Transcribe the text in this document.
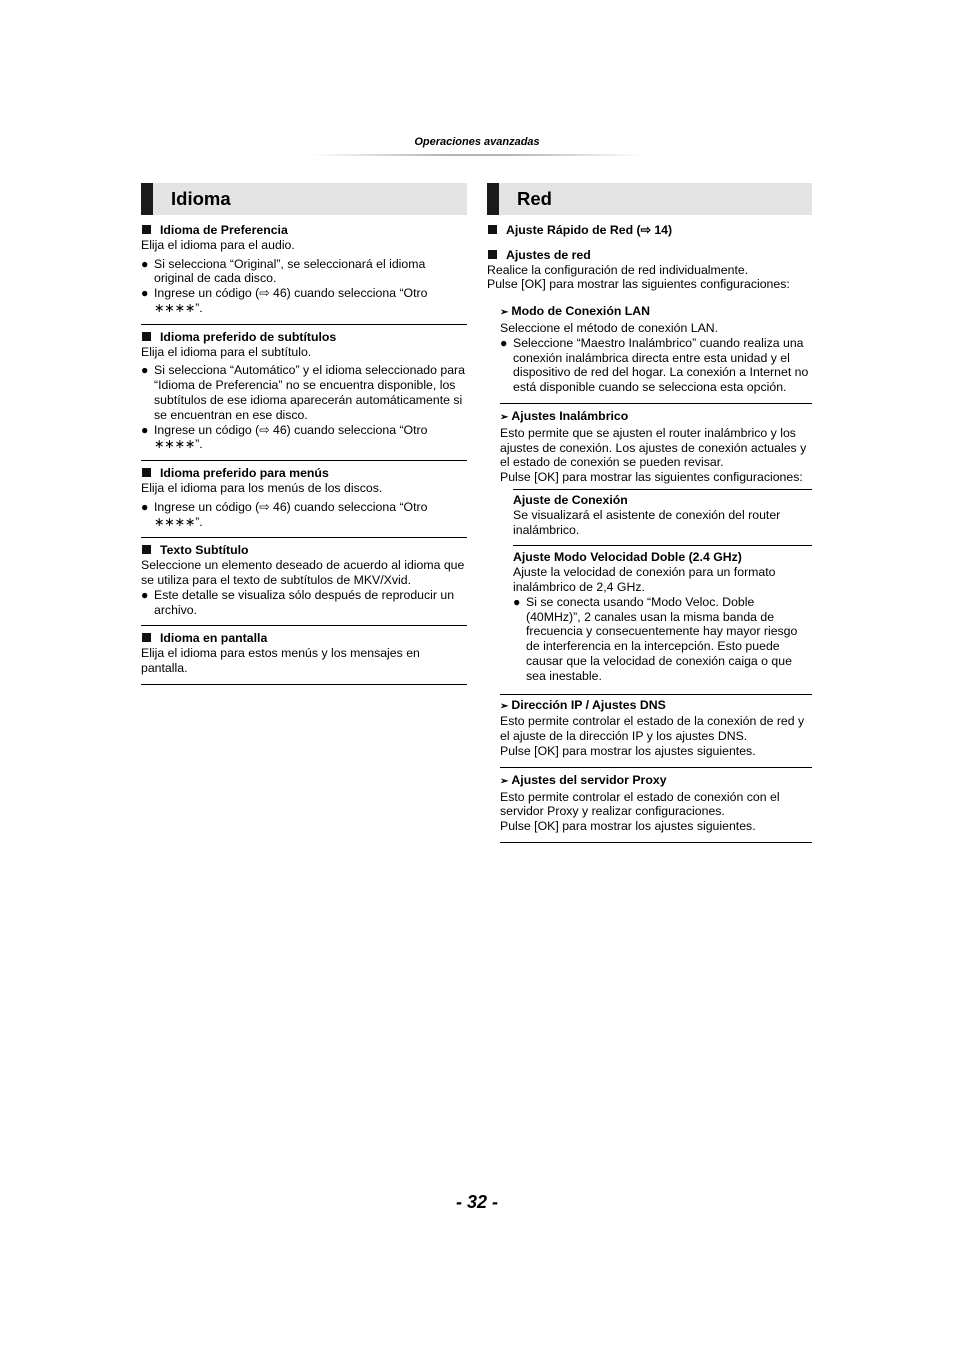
Operaciones avanzadas
Idioma
Idioma de Preferencia
Elija el idioma para el audio.
● Si selecciona “Original”, se seleccionará el idioma original de cada disco.
● Ingrese un código (⇨ 46) cuando selecciona “Otro ∗∗∗∗”.
Idioma preferido de subtítulos
Elija el idioma para el subtítulo.
● Si selecciona “Automático” y el idioma seleccionado para “Idioma de Preferencia” no se encuentra disponible, los subtítulos de ese idioma aparecerán automáticamente si se encuentran en ese disco.
● Ingrese un código (⇨ 46) cuando selecciona “Otro ∗∗∗∗”.
Idioma preferido para menús
Elija el idioma para los menús de los discos.
● Ingrese un código (⇨ 46) cuando selecciona “Otro ∗∗∗∗”.
Texto Subtítulo
Seleccione un elemento deseado de acuerdo al idioma que se utiliza para el texto de subtítulos de MKV/Xvid.
● Este detalle se visualiza sólo después de reproducir un archivo.
Idioma en pantalla
Elija el idioma para estos menús y los mensajes en pantalla.
Red
Ajuste Rápido de Red (⇨ 14)
Ajustes de red
Realice la configuración de red individualmente.
Pulse [OK] para mostrar las siguientes configuraciones:
➢ Modo de Conexión LAN
Seleccione el método de conexión LAN.
● Seleccione “Maestro Inalámbrico” cuando realiza una conexión inalámbrica directa entre esta unidad y el dispositivo de red del hogar. La conexión a Internet no está disponible cuando se selecciona esta opción.
➢ Ajustes Inalámbrico
Esto permite que se ajusten el router inalámbrico y los ajustes de conexión. Los ajustes de conexión actuales y el estado de conexión se pueden revisar.
Pulse [OK] para mostrar las siguientes configuraciones:
Ajuste de Conexión
Se visualizará el asistente de conexión del router inalámbrico.
Ajuste Modo Velocidad Doble (2.4 GHz)
Ajuste la velocidad de conexión para un formato inalámbrico de 2,4 GHz.
● Si se conecta usando “Modo Veloc. Doble (40MHz)”, 2 canales usan la misma banda de frecuencia y consecuentemente hay mayor riesgo de interferencia en la intercepción. Esto puede causar que la velocidad de conexión caiga o que sea inestable.
➢ Dirección IP / Ajustes DNS
Esto permite controlar el estado de la conexión de red y el ajuste de la dirección IP y los ajustes DNS.
Pulse [OK] para mostrar los ajustes siguientes.
➢ Ajustes del servidor Proxy
Esto permite controlar el estado de conexión con el servidor Proxy y realizar configuraciones.
Pulse [OK] para mostrar los ajustes siguientes.
- 32 -
